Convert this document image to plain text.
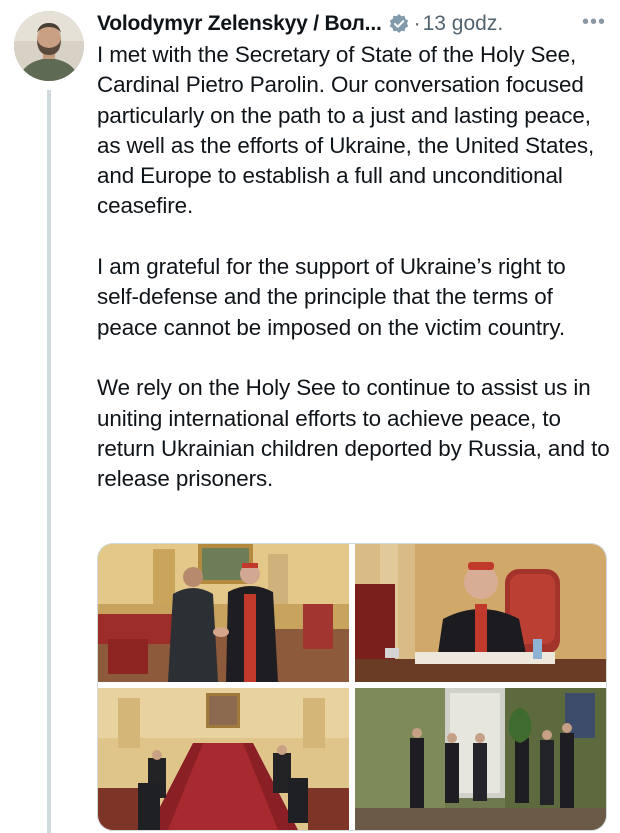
Volodymyr Zelenskyy / Вол... · 13 godz.	•••

I met with the Secretary of State of the Holy See, Cardinal Pietro Parolin. Our conversation focused particularly on the path to a just and lasting peace, as well as the efforts of Ukraine, the United States, and Europe to establish a full and unconditional ceasefire.

I am grateful for the support of Ukraine’s right to self-defense and the principle that the terms of peace cannot be imposed on the victim country.

We rely on the Holy See to continue to assist us in uniting international efforts to achieve peace, to return Ukrainian children deported by Russia, and to release prisoners.
